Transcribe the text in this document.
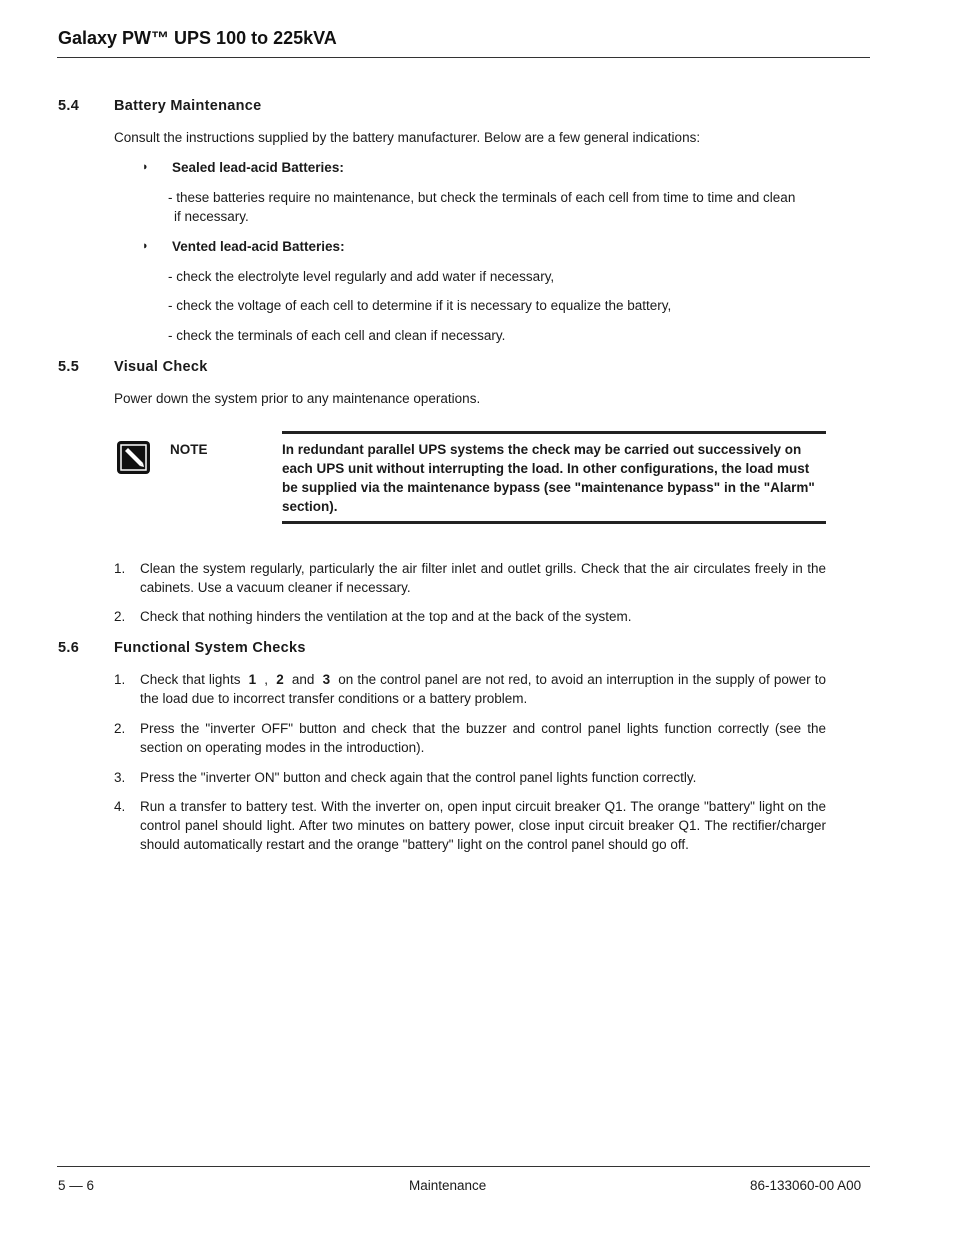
Galaxy PW™ UPS 100 to 225kVA
5.4 Battery Maintenance
Consult the instructions supplied by the battery manufacturer. Below are a few general indications:
◗ Sealed lead-acid Batteries:
- these batteries require no maintenance, but check the terminals of each cell from time to time and clean
if necessary.
◗ Vented lead-acid Batteries:
- check the electrolyte level regularly and add water if necessary,
- check the voltage of each cell to determine if it is necessary to equalize the battery,
- check the terminals of each cell and clean if necessary.
5.5 Visual Check
Power down the system prior to any maintenance operations.
NOTE	In redundant parallel UPS systems the check may be carried out successively on each UPS unit without interrupting the load. In other configurations, the load must be supplied via the maintenance bypass (see "maintenance bypass" in the "Alarm" section).
1. Clean the system regularly, particularly the air filter inlet and outlet grills. Check that the air circulates freely in the cabinets. Use a vacuum cleaner if necessary.
2. Check that nothing hinders the ventilation at the top and at the back of the system.
5.6 Functional System Checks
1. Check that lights 1 , 2 and 3 on the control panel are not red, to avoid an interruption in the supply of power to the load due to incorrect transfer conditions or a battery problem.
2. Press the "inverter OFF" button and check that the buzzer and control panel lights function correctly (see the section on operating modes in the introduction).
3. Press the "inverter ON" button and check again that the control panel lights function correctly.
4. Run a transfer to battery test. With the inverter on, open input circuit breaker Q1. The orange "battery" light on the control panel should light. After two minutes on battery power, close input circuit breaker Q1. The rectifier/charger should automatically restart and the orange "battery" light on the control panel should go off.
5 — 6	Maintenance	86-133060-00 A00
